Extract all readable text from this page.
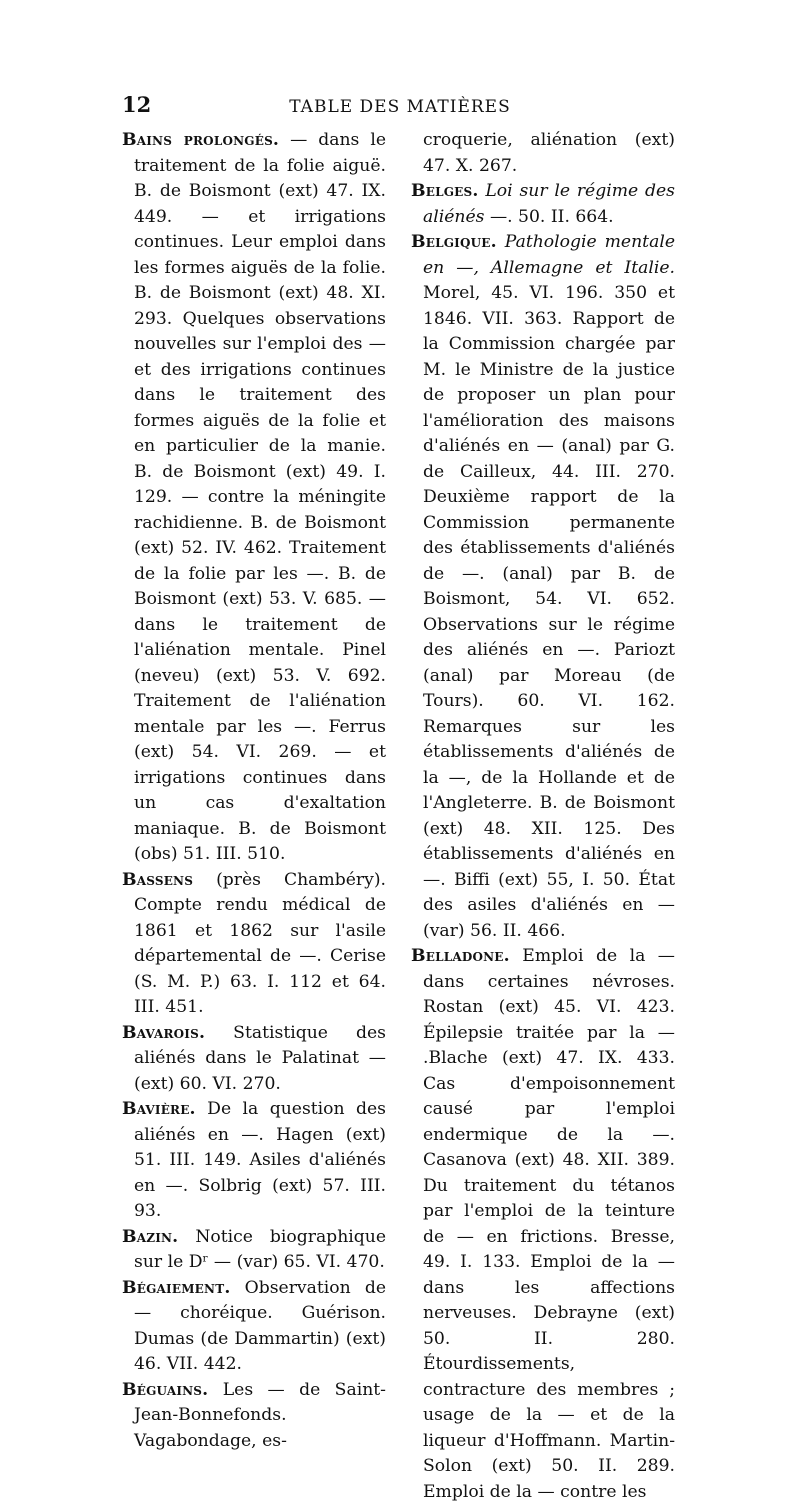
12	TABLE DES MATIÈRES

Bains prolongés. — dans le traitement de la folie aiguë. B. de Boismont (ext) 47. IX. 449. — et irrigations continues. Leur emploi dans les formes aiguës de la folie. B. de Boismont (ext) 48. XI. 293. Quelques observations nouvelles sur l'emploi des — et des irrigations continues dans le traitement des formes aiguës de la folie et en particulier de la manie. B. de Boismont (ext) 49. I. 129. — contre la méningite rachidienne. B. de Boismont (ext) 52. IV. 462. Traitement de la folie par les —. B. de Boismont (ext) 53. V. 685. — dans le traitement de l'aliénation mentale. Pinel (neveu) (ext) 53. V. 692. Traitement de l'aliénation mentale par les —. Ferrus (ext) 54. VI. 269. — et irrigations continues dans un cas d'exaltation maniaque. B. de Boismont (obs) 51. III. 510.

Bassens (près Chambéry). Compte rendu médical de 1861 et 1862 sur l'asile départemental de —. Cerise (S. M. P.) 63. I. 112 et 64. III. 451.

Bavarois. Statistique des aliénés dans le Palatinat — (ext) 60. VI. 270.

Bavière. De la question des aliénés en —. Hagen (ext) 51. III. 149. Asiles d'aliénés en —. Solbrig (ext) 57. III. 93.

Bazin. Notice biographique sur le Dʳ — (var) 65. VI. 470.

Bégaiement. Observation de — choréique. Guérison. Dumas (de Dammartin) (ext) 46. VII. 442.

Béguains. Les — de Saint-Jean-Bonnefonds. Vagabondage, es-

croquerie, aliénation (ext) 47. X. 267.

Belges. Loi sur le régime des aliénés —. 50. II. 664.

Belgique. Pathologie mentale en —, Allemagne et Italie. Morel, 45. VI. 196. 350 et 1846. VII. 363. Rapport de la Commission chargée par M. le Ministre de la justice de proposer un plan pour l'amélioration des maisons d'aliénés en — (anal) par G. de Cailleux, 44. III. 270. Deuxième rapport de la Commission permanente des établissements d'aliénés de —. (anal) par B. de Boismont, 54. VI. 652. Observations sur le régime des aliénés en —. Pariozt (anal) par Moreau (de Tours). 60. VI. 162. Remarques sur les établissements d'aliénés de la —, de la Hollande et de l'Angleterre. B. de Boismont (ext) 48. XII. 125. Des établissements d'aliénés en —. Biffi (ext) 55, I. 50. État des asiles d'aliénés en — (var) 56. II. 466.

Belladone. Emploi de la — dans certaines névroses. Rostan (ext) 45. VI. 423. Épilepsie traitée par la — .Blache (ext) 47. IX. 433. Cas d'empoisonnement causé par l'emploi endermique de la —. Casanova (ext) 48. XII. 389. Du traitement du tétanos par l'emploi de la teinture de — en frictions. Bresse, 49. I. 133. Emploi de la — dans les affections nerveuses. Debrayne (ext) 50. II. 280. Étourdissements, contracture des membres ; usage de la — et de la liqueur d'Hoffmann. Martin-Solon (ext) 50. II. 289. Emploi de la — contre les
